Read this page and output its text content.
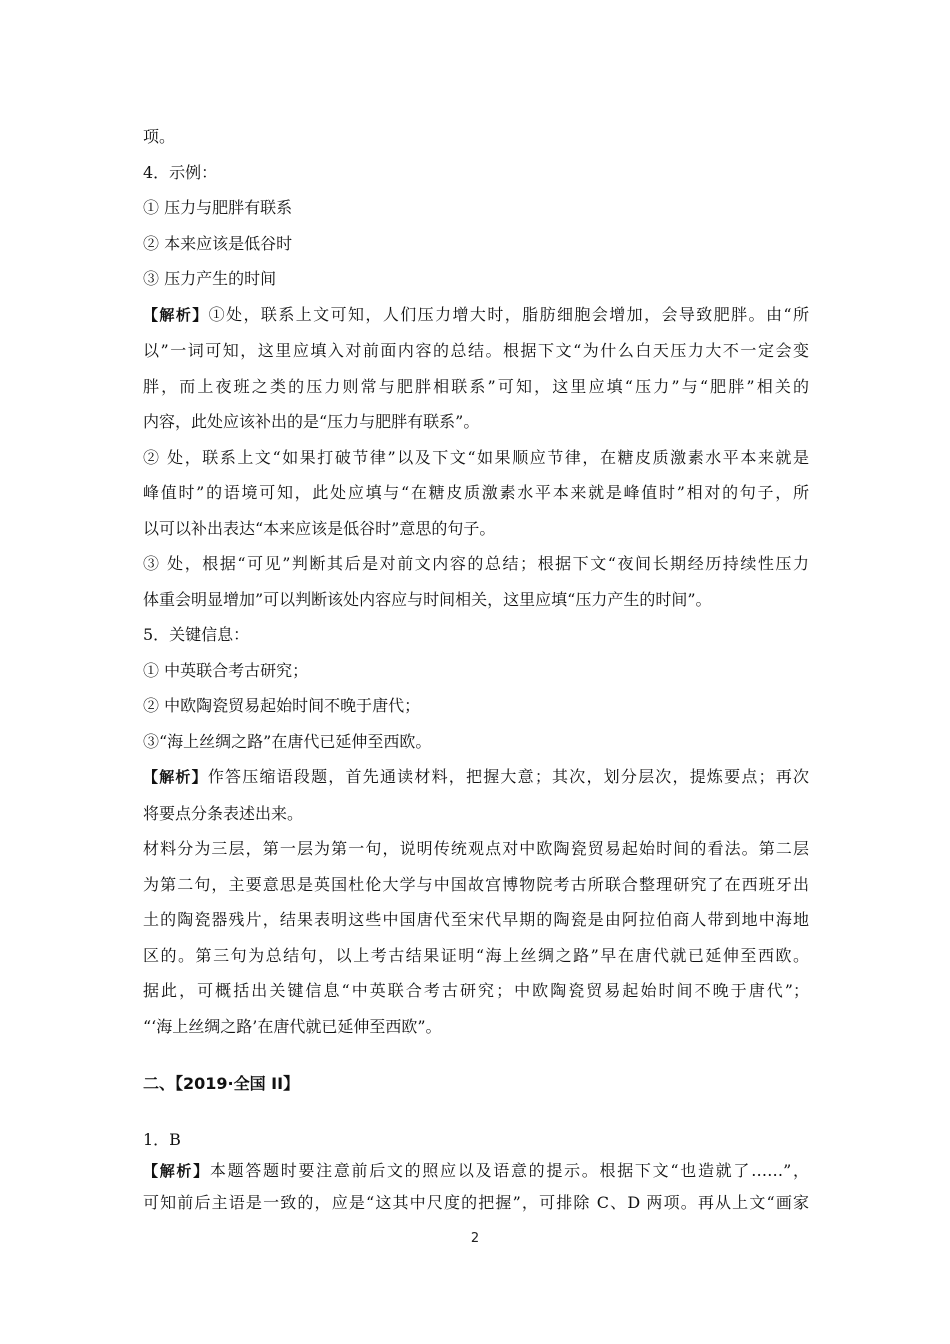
项。

4．示例：

① 压力与肥胖有联系

② 本来应该是低谷时

③ 压力产生的时间

【解析】①处，联系上文可知，人们压力增大时，脂肪细胞会增加，会导致肥胖。由“所

以”一词可知，这里应填入对前面内容的总结。根据下文“为什么白天压力大不一定会变

胖，而上夜班之类的压力则常与肥胖相联系”可知，这里应填“压力”与“肥胖”相关的

内容，此处应该补出的是“压力与肥胖有联系”。

② 处，联系上文“如果打破节律”以及下文“如果顺应节律，在糖皮质激素水平本来就是

峰值时”的语境可知，此处应填与“在糖皮质激素水平本来就是峰值时”相对的句子，所

以可以补出表达“本来应该是低谷时”意思的句子。

③ 处，根据“可见”判断其后是对前文内容的总结；根据下文“夜间长期经历持续性压力

体重会明显增加”可以判断该处内容应与时间相关，这里应填“压力产生的时间”。

5．关键信息：

① 中英联合考古研究；

② 中欧陶瓷贸易起始时间不晚于唐代；

③“海上丝绸之路”在唐代已延伸至西欧。

【解析】作答压缩语段题，首先通读材料，把握大意；其次，划分层次，提炼要点；再次

将要点分条表述出来。

材料分为三层，第一层为第一句，说明传统观点对中欧陶瓷贸易起始时间的看法。第二层

为第二句，主要意思是英国杜伦大学与中国故宫博物院考古所联合整理研究了在西班牙出

土的陶瓷器残片，结果表明这些中国唐代至宋代早期的陶瓷是由阿拉伯商人带到地中海地

区的。第三句为总结句，以上考古结果证明“海上丝绸之路”早在唐代就已延伸至西欧。

据此，可概括出关键信息“中英联合考古研究；中欧陶瓷贸易起始时间不晚于唐代”；

“‘海上丝绸之路’在唐代就已延伸至西欧”。

二、【2019·全国 II】

1．B

【解析】本题答题时要注意前后文的照应以及语意的提示。根据下文“也造就了……”，

可知前后主语是一致的，应是“这其中尺度的把握”，可排除 C、D 两项。再从上文“画家

2
